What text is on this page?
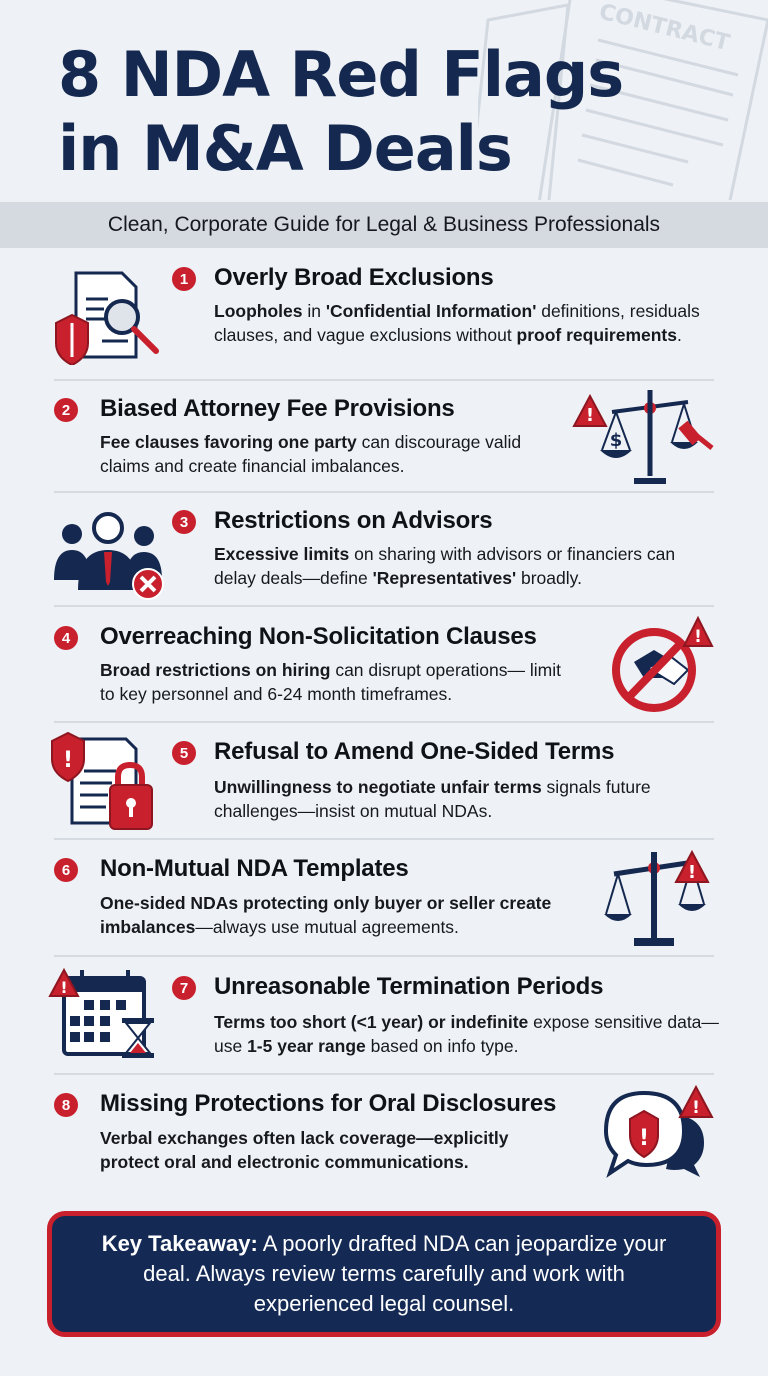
CONTRACT
8 NDA Red Flags
in M&A Deals
Clean, Corporate Guide for Legal & Business Professionals
1	Overly Broad Exclusions
Loopholes in 'Confidential Information' definitions, residuals clauses, and vague exclusions without proof requirements.
2	Biased Attorney Fee Provisions
Fee clauses favoring one party can discourage valid claims and create financial imbalances.
!
$
3	Restrictions on Advisors
Excessive limits on sharing with advisors or financiers can delay deals—define 'Representatives' broadly.
4	Overreaching Non-Solicitation Clauses
Broad restrictions on hiring can disrupt operations— limit to key personnel and 6-24 month timeframes.
!
!	5	Refusal to Amend One-Sided Terms
Unwillingness to negotiate unfair terms signals future challenges—insist on mutual NDAs.
6	Non-Mutual NDA Templates
One-sided NDAs protecting only buyer or seller create imbalances—always use mutual agreements.
!
!	7	Unreasonable Termination Periods
Terms too short (<1 year) or indefinite expose sensitive data—use 1-5 year range based on info type.
8	Missing Protections for Oral Disclosures
Verbal exchanges often lack coverage—explicitly protect oral and electronic communications.
!
!
Key Takeaway: A poorly drafted NDA can jeopardize your deal. Always review terms carefully and work with experienced legal counsel.
